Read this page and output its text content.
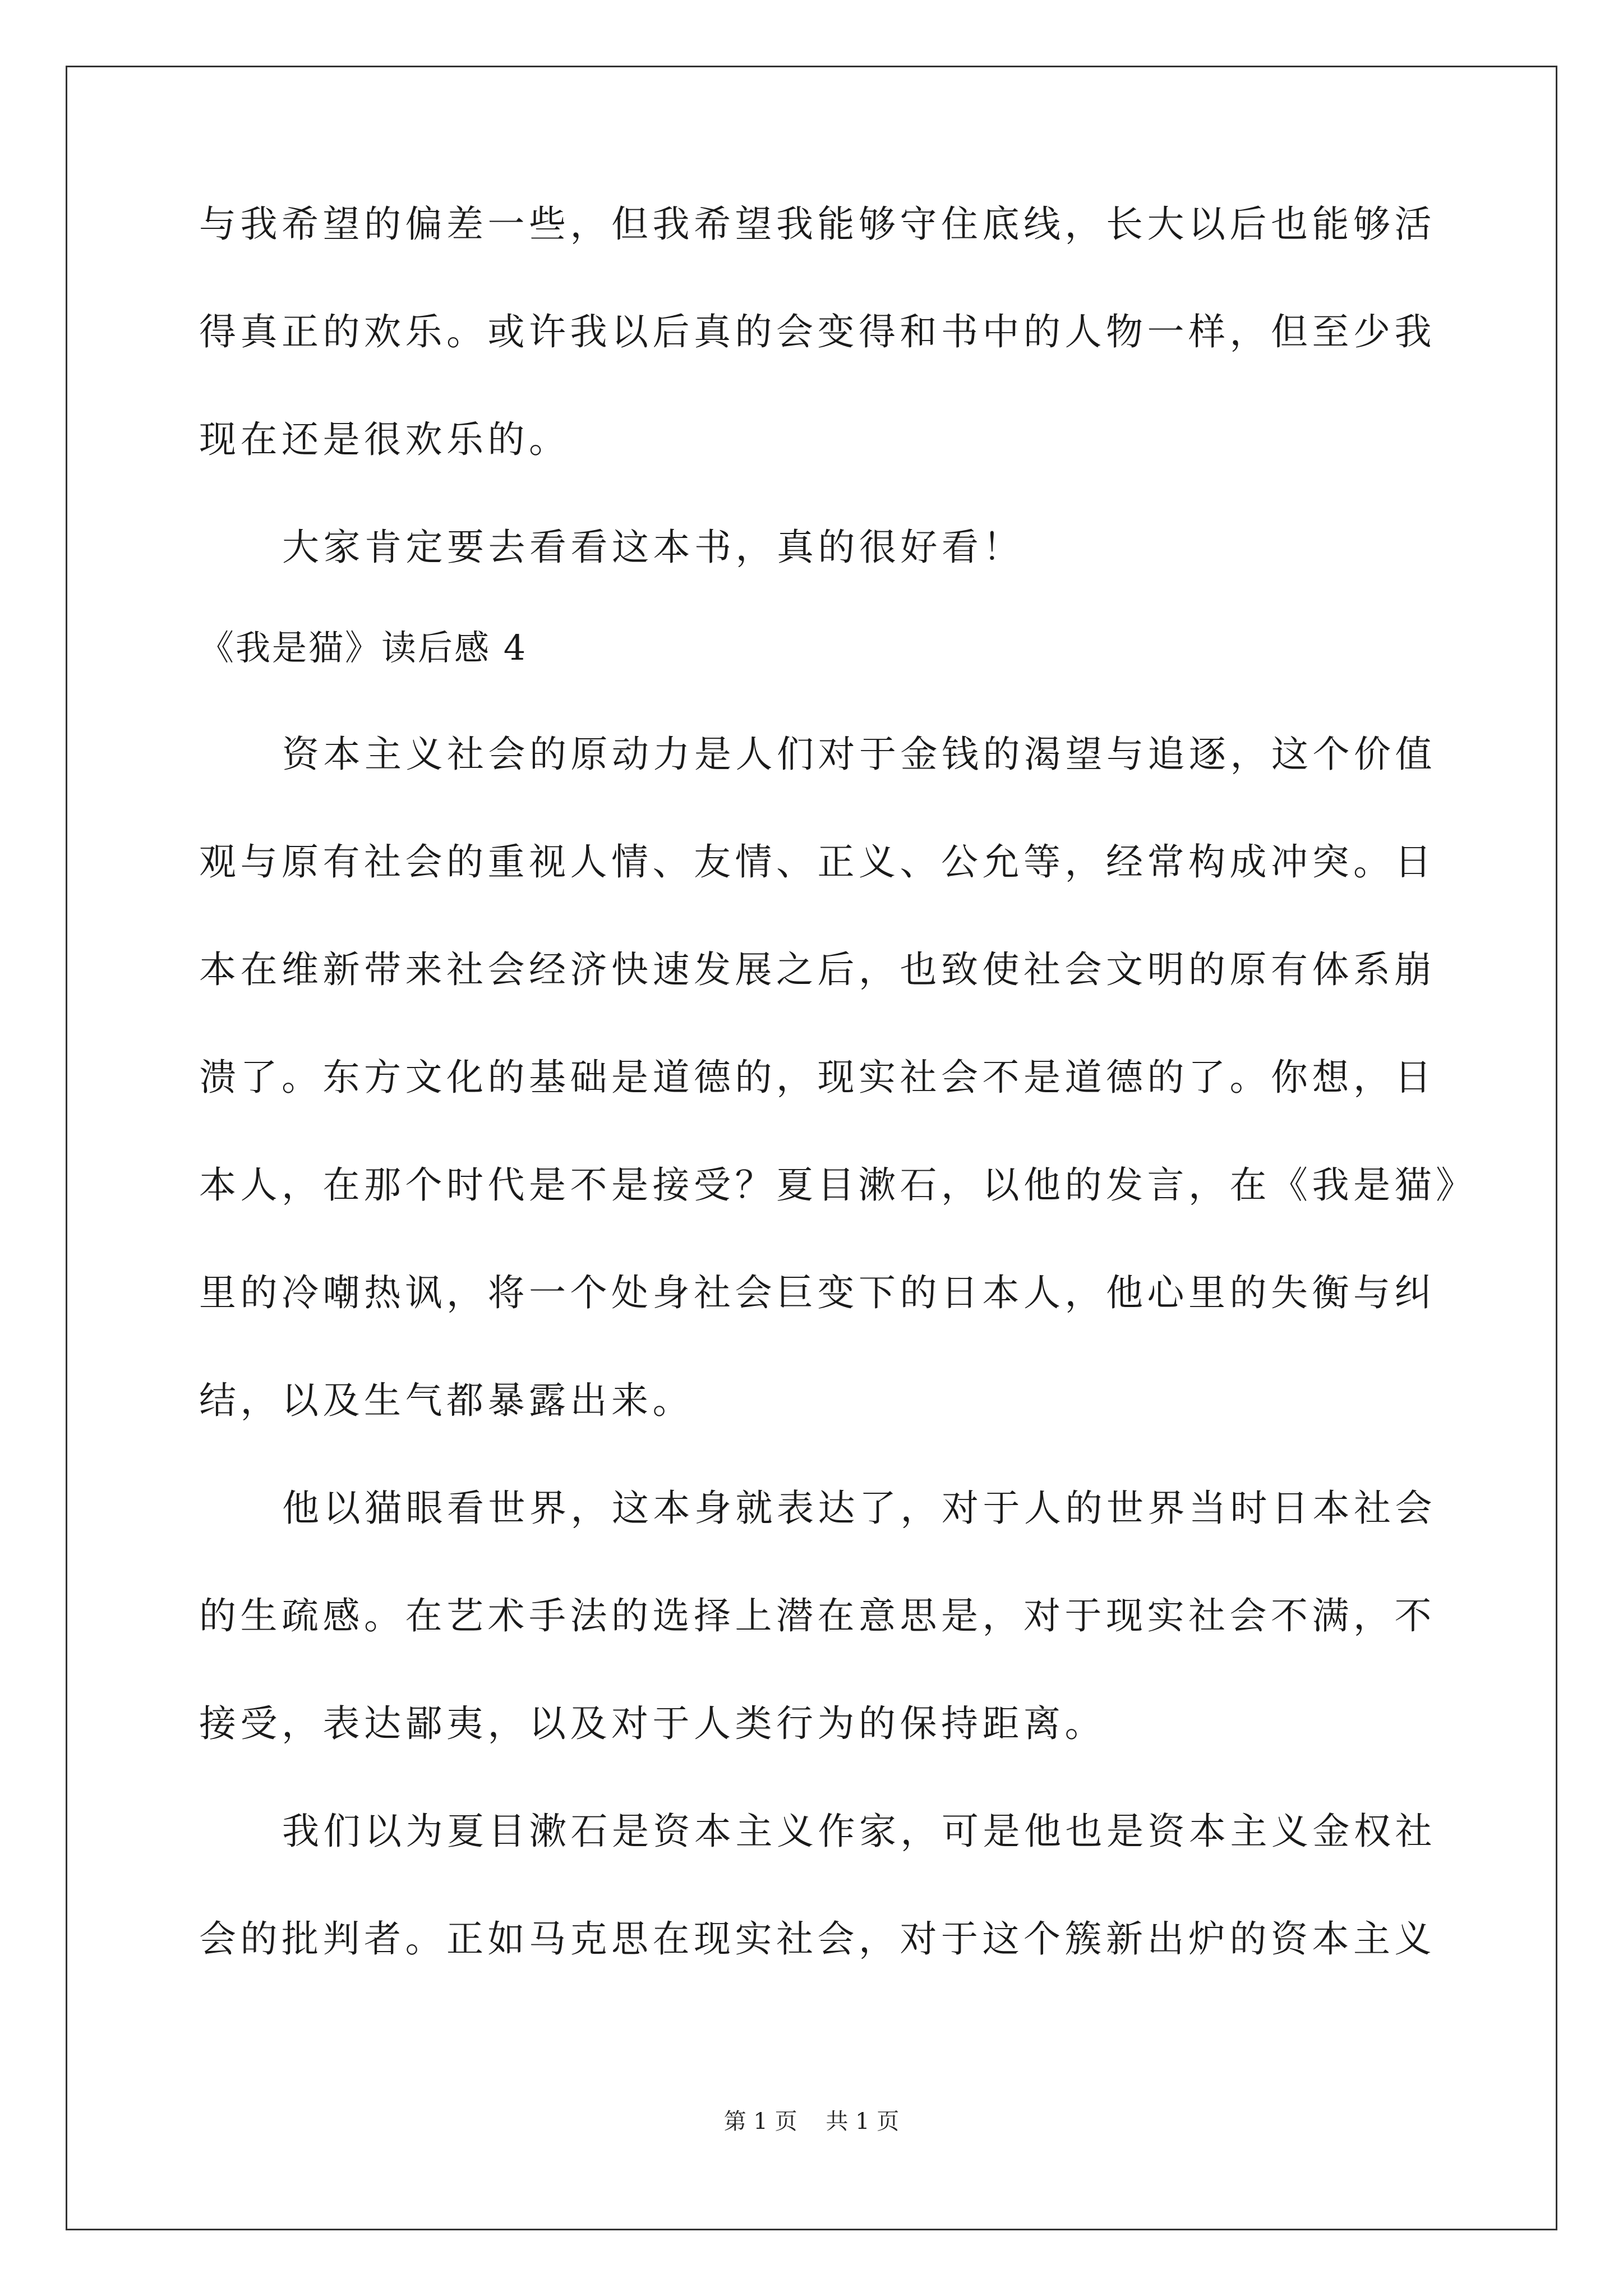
与我希望的偏差一些，但我希望我能够守住底线，长大以后也能够活
得真正的欢乐。或许我以后真的会变得和书中的人物一样，但至少我
现在还是很欢乐的。
大家肯定要去看看这本书，真的很好看！
《我是猫》读后感 4
资本主义社会的原动力是人们对于金钱的渴望与追逐，这个价值
观与原有社会的重视人情、友情、正义、公允等，经常构成冲突。日
本在维新带来社会经济快速发展之后，也致使社会文明的原有体系崩
溃了。东方文化的基础是道德的，现实社会不是道德的了。你想，日
本人，在那个时代是不是接受？夏目漱石，以他的发言，在《我是猫》
里的冷嘲热讽，将一个处身社会巨变下的日本人，他心里的失衡与纠
结，以及生气都暴露出来。
他以猫眼看世界，这本身就表达了，对于人的世界当时日本社会
的生疏感。在艺术手法的选择上潜在意思是，对于现实社会不满，不
接受，表达鄙夷，以及对于人类行为的保持距离。
我们以为夏目漱石是资本主义作家，可是他也是资本主义金权社
会的批判者。正如马克思在现实社会，对于这个簇新出炉的资本主义
第 1 页    共 1 页
